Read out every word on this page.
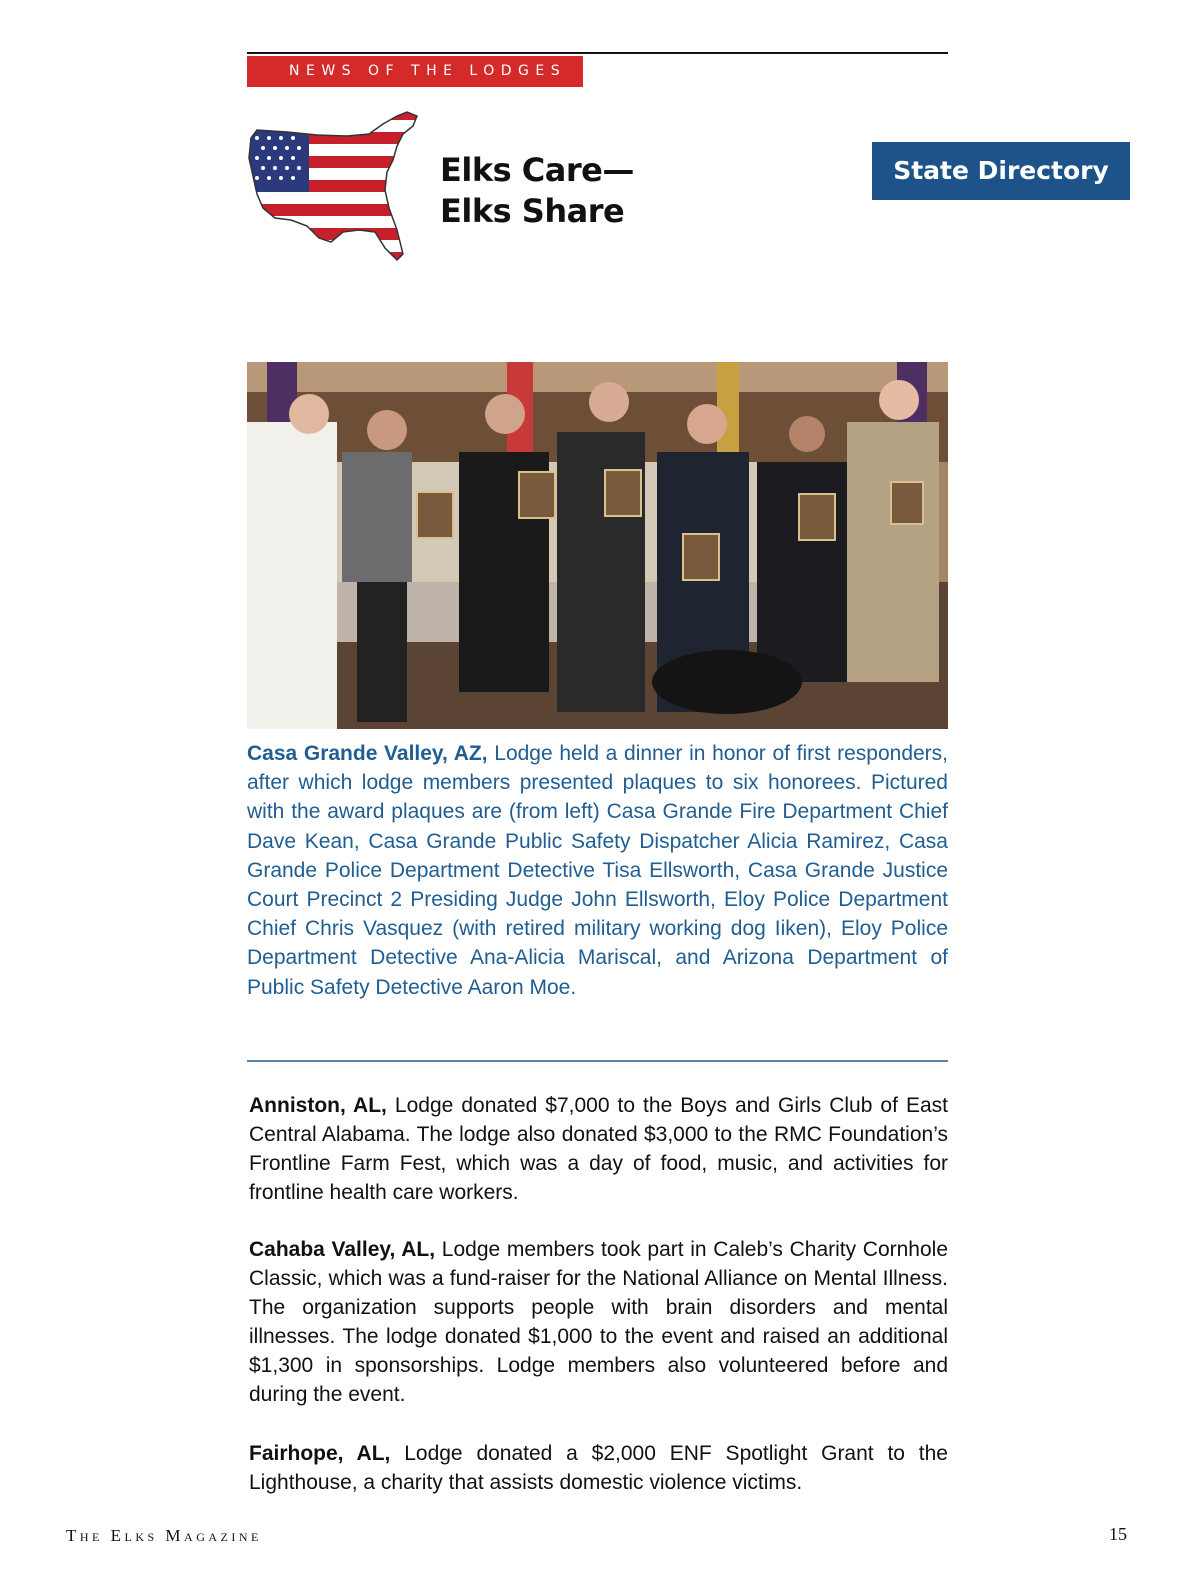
NEWS OF THE LODGES
Elks Care—
Elks Share
State Directory
Casa Grande Valley, AZ, Lodge held a dinner in honor of first responders, after which lodge members presented plaques to six honorees. Pictured with the award plaques are (from left) Casa Grande Fire Department Chief Dave Kean, Casa Grande Public Safety Dispatcher Alicia Ramirez, Casa Grande Police Department Detective Tisa Ellsworth, Casa Grande Justice Court Precinct 2 Presiding Judge John Ellsworth, Eloy Police Department Chief Chris Vasquez (with retired military working dog Iiken), Eloy Police Department Detective Ana-Alicia Mariscal, and Arizona Department of Public Safety Detective Aaron Moe.
Anniston, AL, Lodge donated $7,000 to the Boys and Girls Club of East Central Alabama. The lodge also donated $3,000 to the RMC Foundation’s Frontline Farm Fest, which was a day of food, music, and activities for frontline health care workers.
Cahaba Valley, AL, Lodge members took part in Caleb’s Charity Cornhole Classic, which was a fund-raiser for the National Alliance on Mental Illness. The organization supports people with brain disorders and mental illnesses. The lodge donated $1,000 to the event and raised an additional $1,300 in sponsorships. Lodge members also volunteered before and during the event.
Fairhope, AL, Lodge donated a $2,000 ENF Spotlight Grant to the Lighthouse, a charity that assists domestic violence victims.
The Elks Magazine	15
